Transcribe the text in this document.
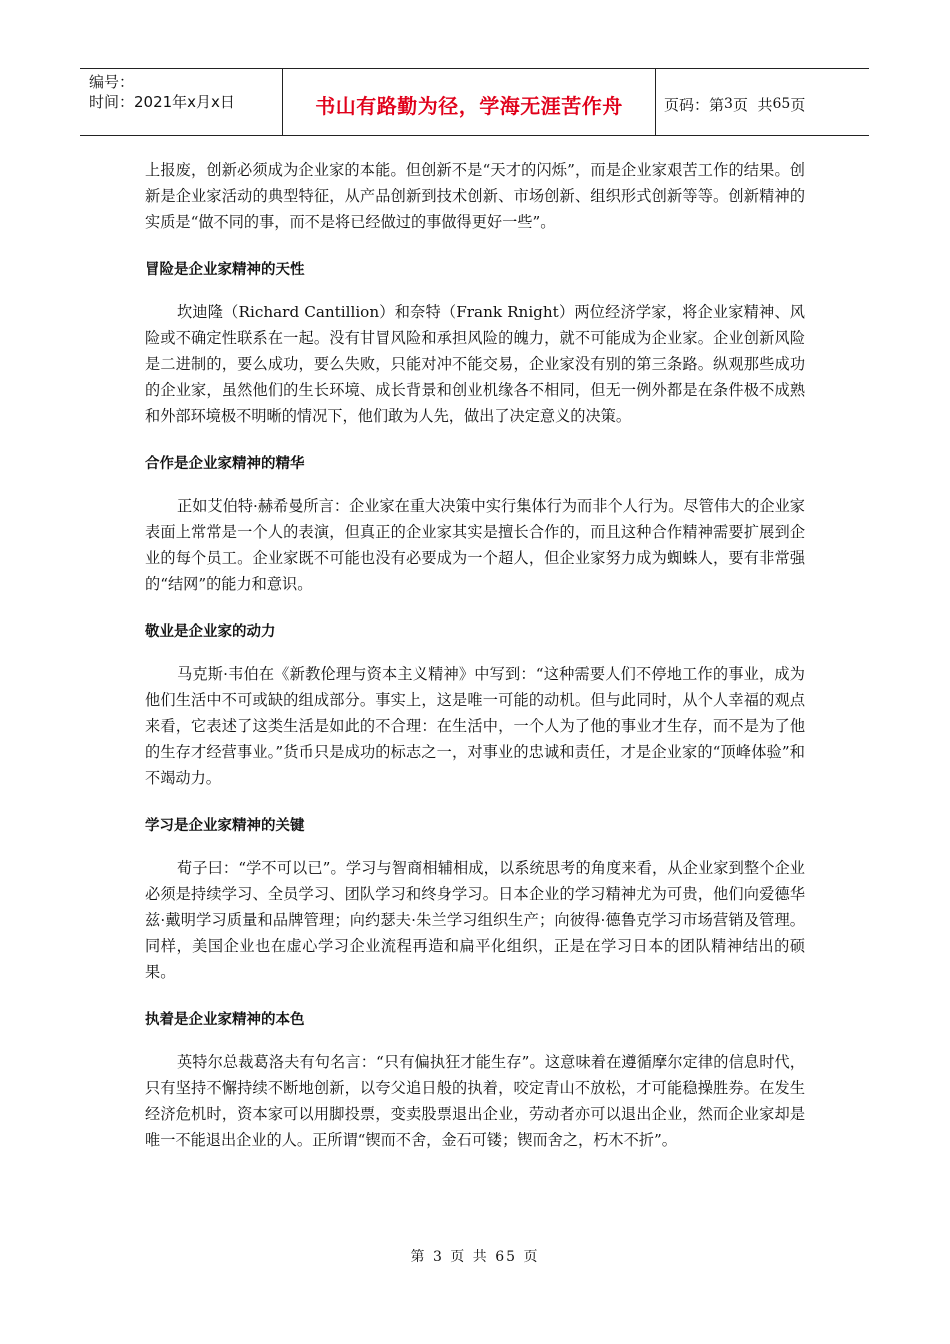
编号：
时间：2021年x月x日	书山有路勤为径，学海无涯苦作舟	页码：第 3 页  共 65 页

上报废，创新必须成为企业家的本能。但创新不是“天才的闪烁”，而是企业家艰苦工作的结果。创新是企业家活动的典型特征，从产品创新到技术创新、市场创新、组织形式创新等等。创新精神的实质是“做不同的事，而不是将已经做过的事做得更好一些”。

冒险是企业家精神的天性

坎迪隆（Richard Cantillion）和奈特（Frank Rnight）两位经济学家，将企业家精神、风险或不确定性联系在一起。没有甘冒风险和承担风险的魄力，就不可能成为企业家。企业创新风险是二进制的，要么成功，要么失败，只能对冲不能交易，企业家没有别的第三条路。纵观那些成功的企业家，虽然他们的生长环境、成长背景和创业机缘各不相同，但无一例外都是在条件极不成熟和外部环境极不明晰的情况下，他们敢为人先，做出了决定意义的决策。

合作是企业家精神的精华

正如艾伯特·赫希曼所言：企业家在重大决策中实行集体行为而非个人行为。尽管伟大的企业家表面上常常是一个人的表演，但真正的企业家其实是擅长合作的，而且这种合作精神需要扩展到企业的每个员工。企业家既不可能也没有必要成为一个超人，但企业家努力成为蜘蛛人，要有非常强的“结网”的能力和意识。

敬业是企业家的动力

马克斯·韦伯在《新教伦理与资本主义精神》中写到：“这种需要人们不停地工作的事业，成为他们生活中不可或缺的组成部分。事实上，这是唯一可能的动机。但与此同时，从个人幸福的观点来看，它表述了这类生活是如此的不合理：在生活中，一个人为了他的事业才生存，而不是为了他的生存才经营事业。”货币只是成功的标志之一，对事业的忠诚和责任，才是企业家的“顶峰体验”和不竭动力。

学习是企业家精神的关键

荀子曰：“学不可以已”。学习与智商相辅相成，以系统思考的角度来看，从企业家到整个企业必须是持续学习、全员学习、团队学习和终身学习。日本企业的学习精神尤为可贵，他们向爱德华兹·戴明学习质量和品牌管理；向约瑟夫·朱兰学习组织生产；向彼得·德鲁克学习市场营销及管理。同样，美国企业也在虚心学习企业流程再造和扁平化组织，正是在学习日本的团队精神结出的硕果。

执着是企业家精神的本色

英特尔总裁葛洛夫有句名言：“只有偏执狂才能生存”。这意味着在遵循摩尔定律的信息时代，只有坚持不懈持续不断地创新，以夸父追日般的执着，咬定青山不放松，才可能稳操胜券。在发生经济危机时，资本家可以用脚投票，变卖股票退出企业，劳动者亦可以退出企业，然而企业家却是唯一不能退出企业的人。正所谓“锲而不舍，金石可镂；锲而舍之，朽木不折”。

第 3 页 共 65 页
